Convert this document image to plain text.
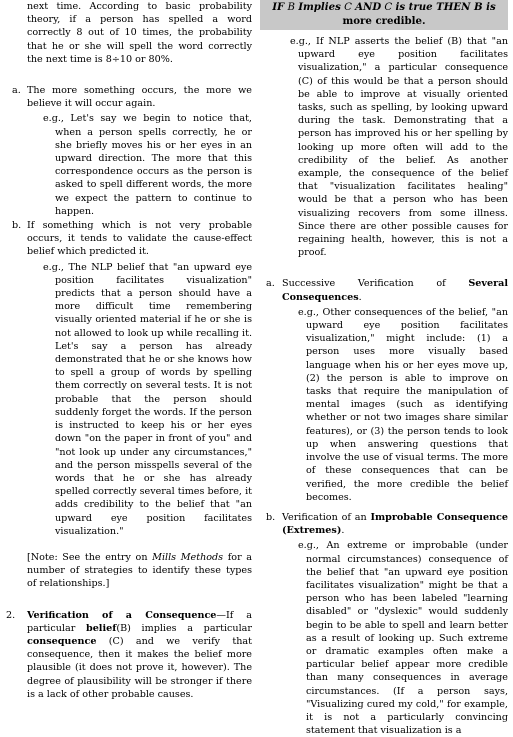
next time. According to basic probability theory, if a person has spelled a word correctly 8 out of 10 times, the probability that he or she will spell the word correctly the next time is 8÷10 or 80%.

a. The more something occurs, the more we believe it will occur again.

e.g., Let's say we begin to notice that, when a person spells correctly, he or she briefly moves his or her eyes in an upward direction. The more that this correspondence occurs as the person is asked to spell different words, the more we expect the pattern to continue to happen.

b. If something which is not very probable occurs, it tends to validate the cause-effect belief which predicted it.

e.g., The NLP belief that "an upward eye position facilitates visualization" predicts that a person should have a more difficult time remembering visually oriented material if he or she is not allowed to look up while recalling it. Let's say a person has already demonstrated that he or she knows how to spell a group of words by spelling them correctly on several tests. It is not probable that the person should suddenly forget the words. If the person is instructed to keep his or her eyes down "on the paper in front of you" and "not look up under any circumstances," and the person misspells several of the words that he or she has already spelled correctly several times before, it adds credibility to the belief that "an upward eye position facilitates visualization."

[Note: See the entry on Mills Methods for a number of strategies to identify these types of relationships.]

2. Verification of a Consequence—If a particular belief(B) implies a particular consequence (C) and we verify that consequence, then it makes the belief more plausible (it does not prove it, however). The degree of plausibility will be stronger if there is a lack of other probable causes.

IF B Implies C AND C is true THEN B is
more credible.

e.g., If NLP asserts the belief (B) that "an upward eye position facilitates visualization," a particular consequence (C) of this would be that a person should be able to improve at visually oriented tasks, such as spelling, by looking upward during the task. Demonstrating that a person has improved his or her spelling by looking up more often will add to the credibility of the belief. As another example, the consequence of the belief that "visualization facilitates healing" would be that a person who has been visualizing recovers from some illness. Since there are other possible causes for regaining health, however, this is not a proof.

a. Successive Verification of Several Consequences.

e.g., Other consequences of the belief, "an upward eye position facilitates visualization," might include: (1) a person uses more visually based language when his or her eyes move up, (2) the person is able to improve on tasks that require the manipulation of mental images (such as identifying whether or not two images share similar features), or (3) the person tends to look up when answering questions that involve the use of visual terms. The more of these consequences that can be verified, the more credible the belief becomes.

b. Verification of an Improbable Consequence (Extremes).

e.g., An extreme or improbable (under normal circumstances) consequence of the belief that "an upward eye position facilitates visualization" might be that a person who has been labeled "learning disabled" or "dyslexic" would suddenly begin to be able to spell and learn better as a result of looking up. Such extreme or dramatic examples often make a particular belief appear more credible than many consequences in average circumstances. (If a person says, "Visualizing cured my cold," for example, it is not a particularly convincing statement that visualization is a
